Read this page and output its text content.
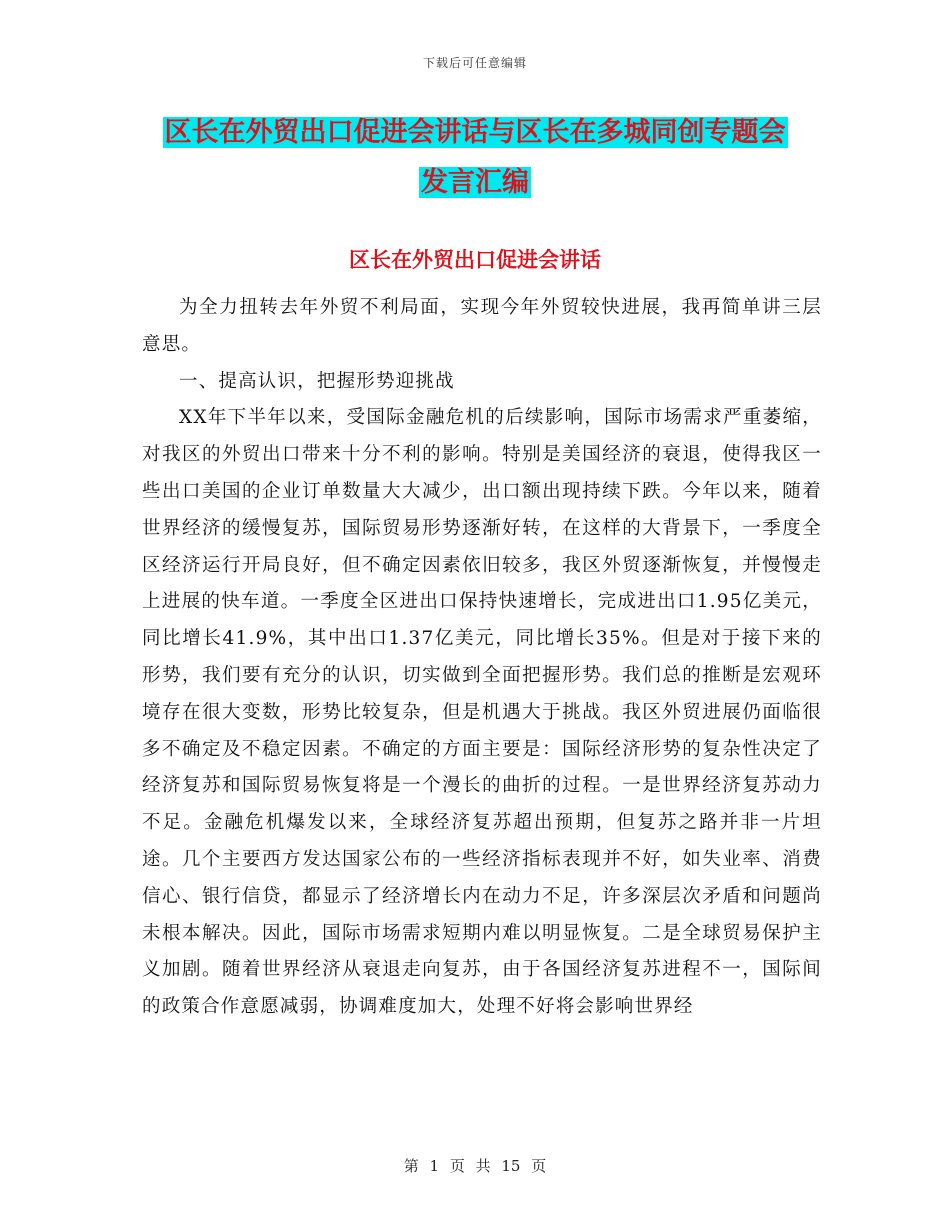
下载后可任意编辑
区长在外贸出口促进会讲话与区长在多城同创专题会
发言汇编
区长在外贸出口促进会讲话

为全力扭转去年外贸不利局面，实现今年外贸较快进展，我再简单讲三层意思。

一、提高认识，把握形势迎挑战

XX年下半年以来，受国际金融危机的后续影响，国际市场需求严重萎缩，对我区的外贸出口带来十分不利的影响。特别是美国经济的衰退，使得我区一些出口美国的企业订单数量大大减少，出口额出现持续下跌。今年以来，随着世界经济的缓慢复苏，国际贸易形势逐渐好转，在这样的大背景下，一季度全区经济运行开局良好，但不确定因素依旧较多，我区外贸逐渐恢复，并慢慢走上进展的快车道。一季度全区进出口保持快速增长，完成进出口1.95亿美元，同比增长41.9%，其中出口1.37亿美元，同比增长35%。但是对于接下来的形势，我们要有充分的认识，切实做到全面把握形势。我们总的推断是宏观环境存在很大变数，形势比较复杂，但是机遇大于挑战。我区外贸进展仍面临很多不确定及不稳定因素。不确定的方面主要是：国际经济形势的复杂性决定了经济复苏和国际贸易恢复将是一个漫长的曲折的过程。一是世界经济复苏动力不足。金融危机爆发以来，全球经济复苏超出预期，但复苏之路并非一片坦途。几个主要西方发达国家公布的一些经济指标表现并不好，如失业率、消费信心、银行信贷，都显示了经济增长内在动力不足，许多深层次矛盾和问题尚未根本解决。因此，国际市场需求短期内难以明显恢复。二是全球贸易保护主义加剧。随着世界经济从衰退走向复苏，由于各国经济复苏进程不一，国际间的政策合作意愿减弱，协调难度加大，处理不好将会影响世界经

第 1 页 共 15 页
